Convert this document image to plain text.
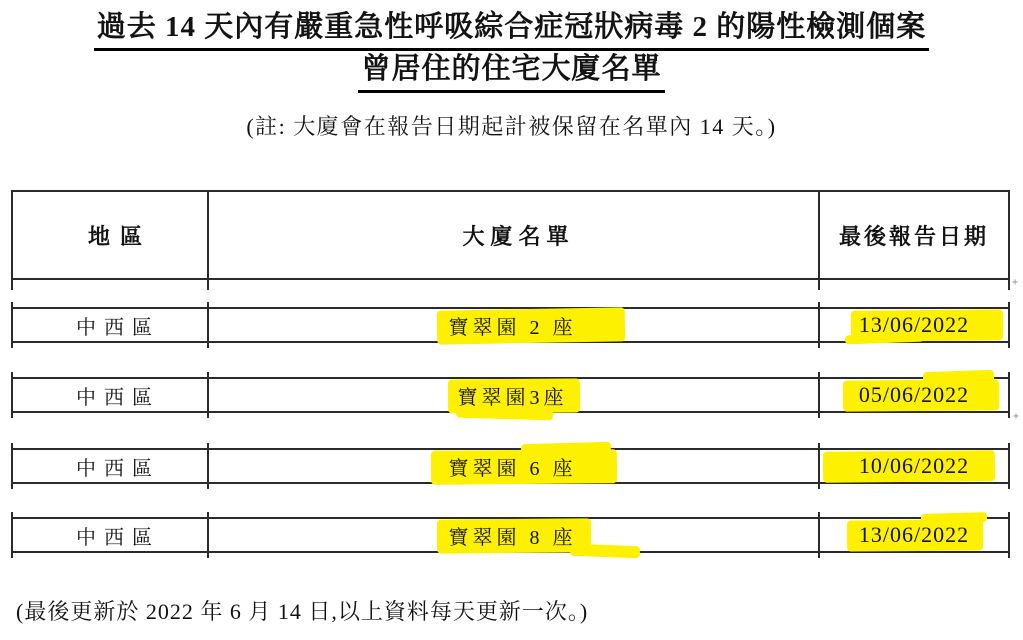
過去 14 天內有嚴重急性呼吸綜合症冠狀病毒 2 的陽性檢測個案
曾居住的住宅大廈名單
(註: 大廈會在報告日期起計被保留在名單內 14 天。)
地區	大廈名單	最後報告日期
中西區	寶翠園 2 座	13/06/2022
中西區	寶翠園3座	05/06/2022
中西區	寶翠園 6 座	10/06/2022
中西區	寶翠園 8 座	13/06/2022
+
+
(最後更新於 2022 年 6 月 14 日,以上資料每天更新一次。)
